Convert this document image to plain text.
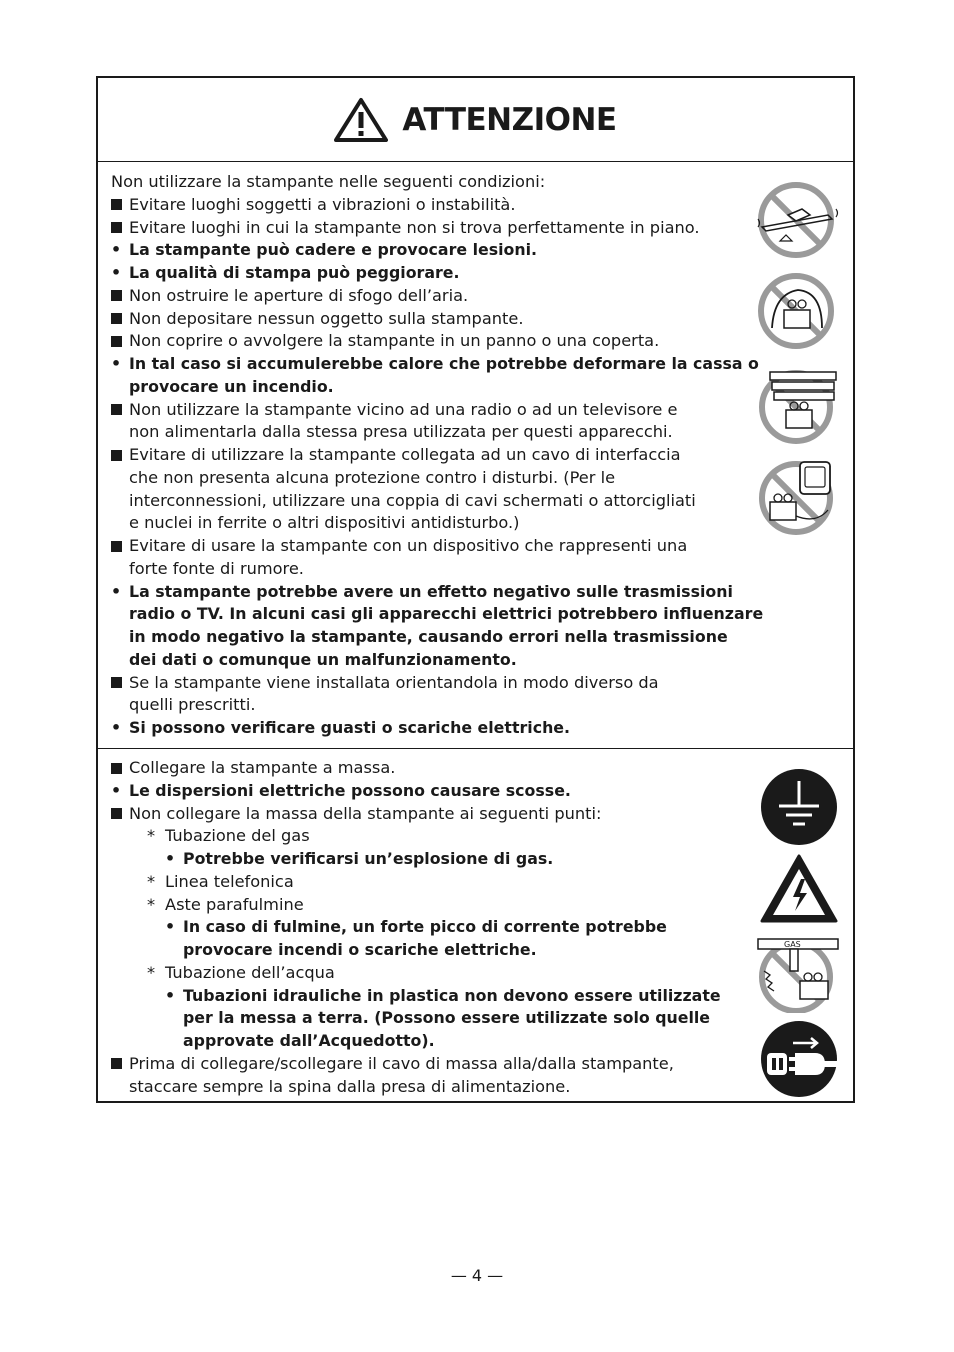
ATTENZIONE
Non utilizzare la stampante nelle seguenti condizioni:
Evitare luoghi soggetti a vibrazioni o instabilità.
Evitare luoghi in cui la stampante non si trova perfettamente in piano.
• La stampante può cadere e provocare lesioni.
• La qualità di stampa può peggiorare.
Non ostruire le aperture di sfogo dell’aria.
Non depositare nessun oggetto sulla stampante.
Non coprire o avvolgere la stampante in un panno o una coperta.
• In tal caso si accumulerebbe calore che potrebbe deformare la cassa o
provocare un incendio.
Non utilizzare la stampante vicino ad una radio o ad un televisore e
non alimentarla dalla stessa presa utilizzata per questi apparecchi.
Evitare di utilizzare la stampante collegata ad un cavo di interfaccia
che non presenta alcuna protezione contro i disturbi. (Per le
interconnessioni, utilizzare una coppia di cavi schermati o attorcigliati
e nuclei in ferrite o altri dispositivi antidisturbo.)
Evitare di usare la stampante con un dispositivo che rappresenti una
forte fonte di rumore.
• La stampante potrebbe avere un effetto negativo sulle trasmissioni
radio o TV. In alcuni casi gli apparecchi elettrici potrebbero influenzare
in modo negativo la stampante, causando errori nella trasmissione
dei dati o comunque un malfunzionamento.
Se la stampante viene installata orientandola in modo diverso da
quelli prescritti.
• Si possono verificare guasti o scariche elettriche.
Collegare la stampante a massa.
• Le dispersioni elettriche possono causare scosse.
Non collegare la massa della stampante ai seguenti punti:
* Tubazione del gas
• Potrebbe verificarsi un’esplosione di gas.
* Linea telefonica
* Aste parafulmine
• In caso di fulmine, un forte picco di corrente potrebbe
provocare incendi o scariche elettriche.
* Tubazione dell’acqua
• Tubazioni idrauliche in plastica non devono essere utilizzate
per la messa a terra. (Possono essere utilizzate solo quelle
approvate dall’Acquedotto).
Prima di collegare/scollegare il cavo di massa alla/dalla stampante,
staccare sempre la spina dalla presa di alimentazione.
GAS
— 4 —
